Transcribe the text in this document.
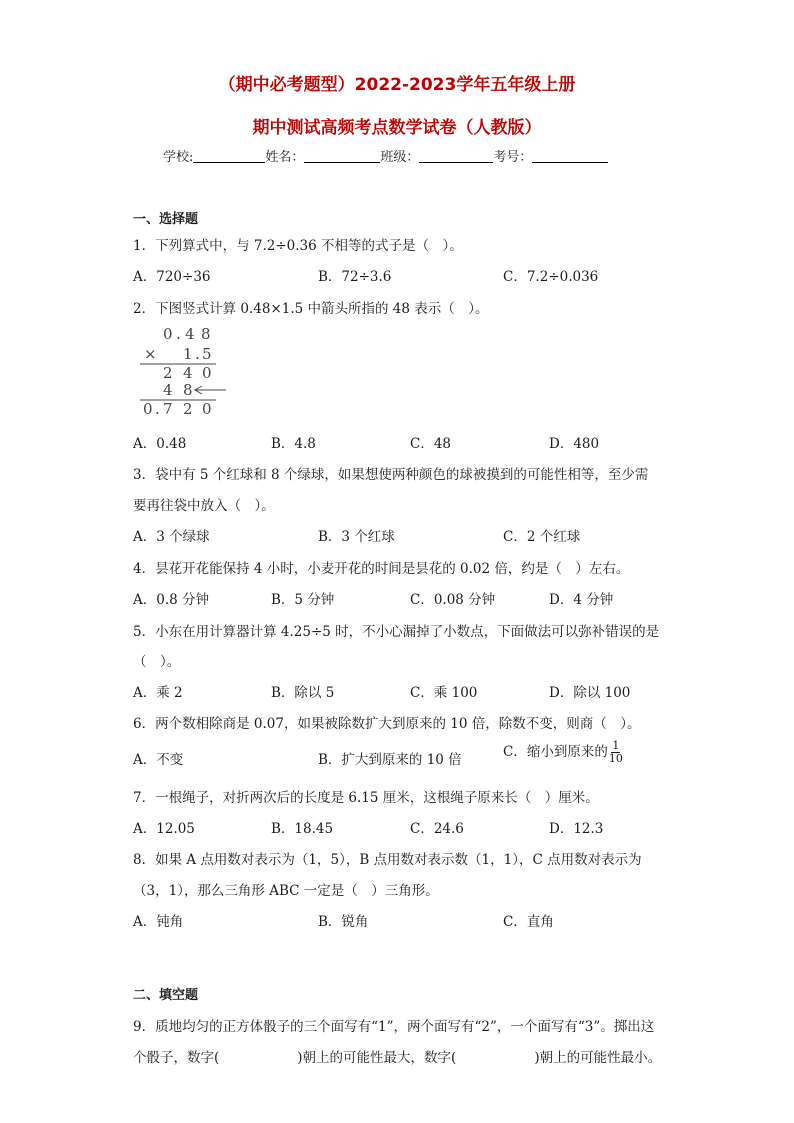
（期中必考题型）2022-2023学年五年级上册
期中测试高频考点数学试卷（人教版）
学校:	姓名：	班级：	考号：
一、选择题
1．下列算式中，与 7.2÷0.36 不相等的式子是（　）。
A．720÷36	B．72÷3.6	C．7.2÷0.036
2．下图竖式计算 0.48×1.5 中箭头所指的 48 表示（　）。
0 . 4 8
× 1 . 5
2 4 0
4 8
0 . 7 2 0
A．0.48	B．4.8	C．48	D．480
3．袋中有 5 个红球和 8 个绿球，如果想使两种颜色的球被摸到的可能性相等，至少需
要再往袋中放入（　）。
A．3 个绿球	B．3 个红球	C．2 个红球
4．昙花开花能保持 4 小时，小麦开花的时间是昙花的 0.02 倍，约是（　）左右。
A．0.8 分钟	B．5 分钟	C．0.08 分钟	D．4 分钟
5．小东在用计算器计算 4.25÷5 时，不小心漏掉了小数点，下面做法可以弥补错误的是
（　）。
A．乘 2	B．除以 5	C．乘 100	D．除以 100
6．两个数相除商是 0.07，如果被除数扩大到原来的 10 倍，除数不变，则商（　）。
A．不变	B．扩大到原来的 10 倍	C．缩小到原来的 $\frac{1}{10}$
7．一根绳子，对折两次后的长度是 6.15 厘米，这根绳子原来长（　）厘米。
A．12.05	B．18.45	C．24.6	D．12.3
8．如果 A 点用数对表示为（1，5），B 点用数对表示数（1，1），C 点用数对表示为
（3，1），那么三角形 ABC 一定是（　）三角形。
A．钝角	B．锐角	C．直角
二、填空题
9．质地均匀的正方体骰子的三个面写有“1”，两个面写有“2”，一个面写有“3”。掷出这
个骰子，数字(	)朝上的可能性最大，数字(	)朝上的可能性最小。
